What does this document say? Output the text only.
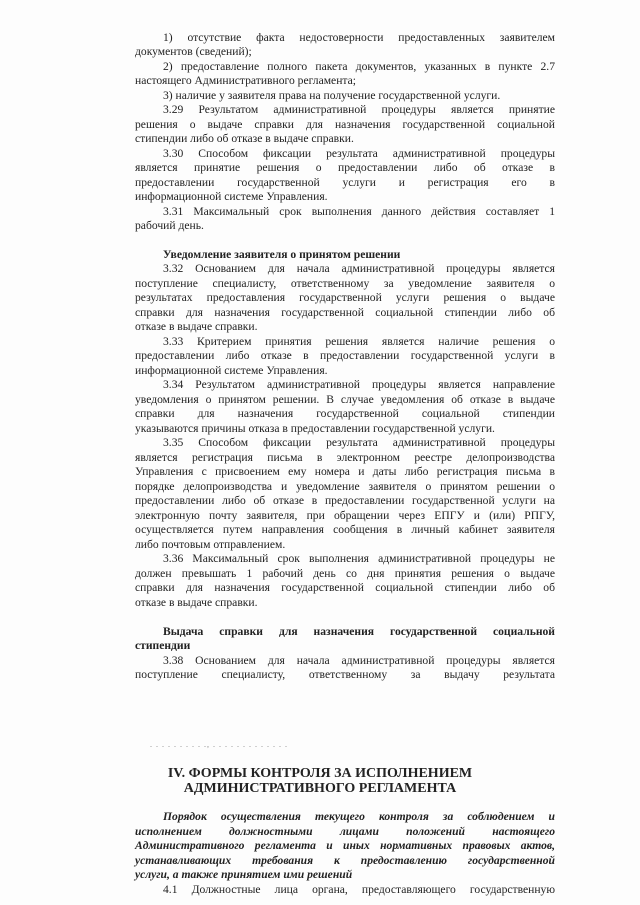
1) отсутствие факта недостоверности предоставленных заявителем
документов (сведений);
2) предоставление полного пакета документов, указанных в пункте 2.7
настоящего Административного регламента;
3) наличие у заявителя права на получение государственной услуги.
3.29 Результатом административной процедуры является принятие
решения о выдаче справки для назначения государственной социальной
стипендии либо об отказе в выдаче справки.
3.30 Способом фиксации результата административной процедуры
является принятие решения о предоставлении либо об отказе в
предоставлении государственной услуги и регистрация его в
информационной системе Управления.
3.31 Максимальный срок выполнения данного действия составляет 1
рабочий день.
Уведомление заявителя о принятом решении
3.32 Основанием для начала административной процедуры является
поступление специалисту, ответственному за уведомление заявителя о
результатах предоставления государственной услуги решения о выдаче
справки для назначения государственной социальной стипендии либо об
отказе в выдаче справки.
3.33 Критерием принятия решения является наличие решения о
предоставлении либо отказе в предоставлении государственной услуги в
информационной системе Управления.
3.34 Результатом административной процедуры является направление
уведомления о принятом решении. В случае уведомления об отказе в выдаче
справки для назначения государственной социальной стипендии
указываются причины отказа в предоставлении государственной услуги.
3.35 Способом фиксации результата административной процедуры
является регистрация письма в электронном реестре делопроизводства
Управления с присвоением ему номера и даты либо регистрация письма в
порядке делопроизводства и уведомление заявителя о принятом решении о
предоставлении либо об отказе в предоставлении государственной услуги на
электронную почту заявителя, при обращении через ЕПГУ и (или) РПГУ,
осуществляется путем направления сообщения в личный кабинет заявителя
либо почтовым отправлением.
3.36 Максимальный срок выполнения административной процедуры не
должен превышать 1 рабочий день со дня принятия решения о выдаче
справки для назначения государственной социальной стипендии либо об
отказе в выдаче справки.
Выдача справки для назначения государственной социальной
стипендии
3.38 Основанием для начала административной процедуры является
поступление специалисту, ответственному за выдачу результата
Порядок осуществления текущего контроля за соблюдением и
исполнением должностными лицами положений настоящего
Административного регламента и иных нормативных правовых актов,
устанавливающих требования к предоставлению государственной
услуги, а также принятием ими решений
4.1 Должностные лица органа, предоставляющего государственную
. . . . . . . . . ., . . . . . . . . . . . . .
IV. ФОРМЫ КОНТРОЛЯ ЗА ИСПОЛНЕНИЕМ
АДМИНИСТРАТИВНОГО РЕГЛАМЕНТА
